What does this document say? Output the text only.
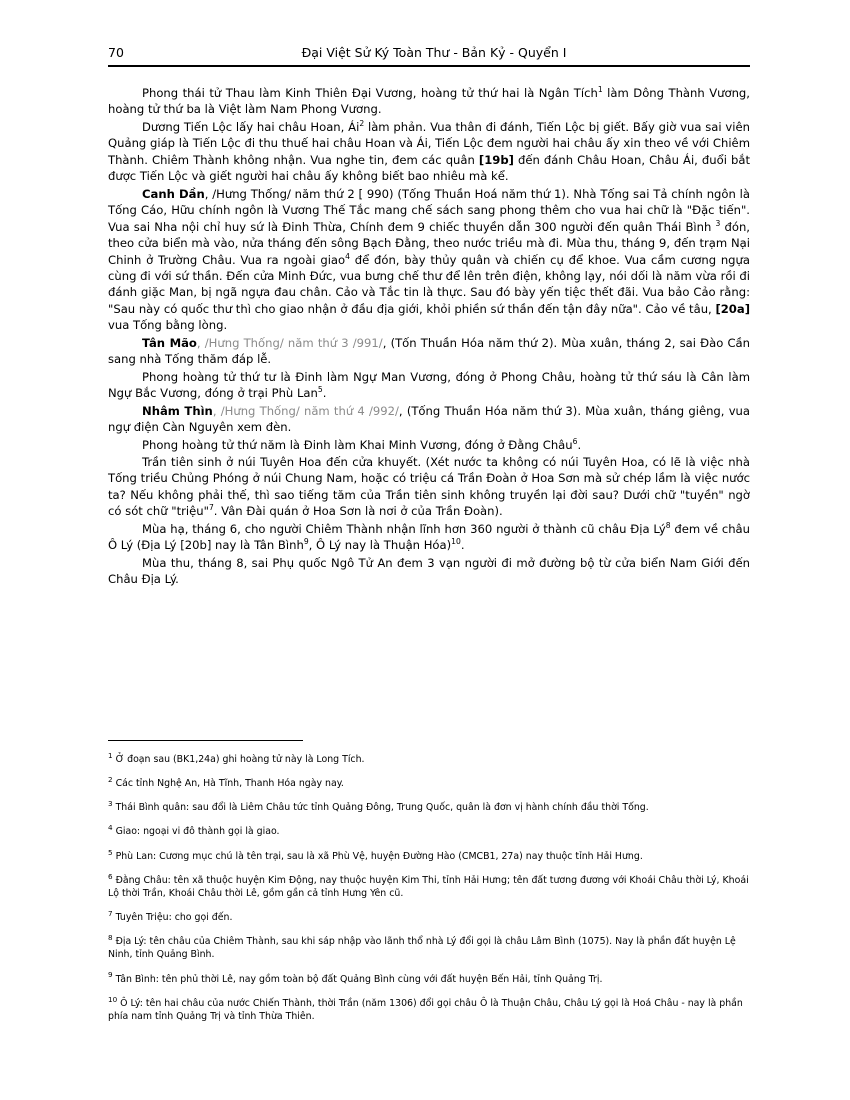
70	Đại Việt Sử Ký Toàn Thư - Bản Kỷ - Quyển I

Phong thái tử Thau làm Kinh Thiên Đại Vương, hoàng tử thứ hai là Ngân Tích$^1$ làm Dông Thành Vương, hoàng tử thứ ba là Việt làm Nam Phong Vương.

Dương Tiến Lộc lấy hai châu Hoan, $Ái^2$ làm phản. Vua thân đi đánh, Tiến Lộc bị giết. Bấy giờ vua sai viên Quảng giáp là Tiến Lộc đi thu thuế hai châu Hoan và Ái, Tiến Lộc đem người hai châu ấy xin theo về với Chiêm Thành. Chiêm Thành không nhận. Vua nghe tin, đem các quân [19b] đến đánh Châu Hoan, Châu Ái, đuổi bắt được Tiến Lộc và giết người hai châu ấy không biết bao nhiêu mà kể.

Canh Dần, /Hưng Thống/ năm thứ 2 [ 990) (Tống Thuần Hoá năm thứ 1). Nhà Tống sai Tả chính ngôn là Tống Cáo, Hữu chính ngôn là Vương Thế Tắc mang chế sách sang phong thêm cho vua hai chữ là "Đặc tiến". Vua sai Nha nội chỉ huy sứ là Đinh Thừa, Chính đem 9 chiếc thuyền dẫn 300 người đến quân Thái Bình $^3$ đón, theo cửa biển mà vào, nửa tháng đến sông Bạch Đằng, theo nước triều mà đi. Mùa thu, tháng 9, đến trạm Nại Chinh ở Trường Châu. Vua ra ngoài giao$^4$ để đón, bày thủy quân và chiến cụ để khoe. Vua cầm cương ngựa cùng đi với sứ thần. Đến cửa Minh Đức, vua bưng chế thư để lên trên điện, không lạy, nói dối là năm vừa rồi đi đánh giặc Man, bị ngã ngựa đau chân. Cảo và Tắc tin là thực. Sau đó bày yến tiệc thết đãi. Vua bảo Cảo rằng: "Sau này có quốc thư thì cho giao nhận ở đầu địa giới, khỏi phiền sứ thần đến tận đây nữa". Cảo về tâu, [20a] vua Tống bằng lòng.

Tân Mão, /Hưng Thống/ năm thứ 3 /991/, (Tốn Thuần Hóa năm thứ 2). Mùa xuân, tháng 2, sai Đào Cần sang nhà Tống thăm đáp lễ.

Phong hoàng tử thứ tư là Đinh làm Ngự Man Vương, đóng ở Phong Châu, hoàng tử thứ sáu là Cân làm Ngự Bắc Vương, đóng ở trại Phù Lan$^5$.

Nhâm Thìn, /Hưng Thống/ năm thứ 4 /992/, (Tống Thuần Hóa năm thứ 3). Mùa xuân, tháng giêng, vua ngự điện Càn Nguyên xem đèn.

Phong hoàng tử thứ năm là Đinh làm Khai Minh Vương, đóng ở Đằng Châu$^6$.

Trần tiên sinh ở núi Tuyên Hoa đến cửa khuyết. (Xét nước ta không có núi Tuyên Hoa, có lẽ là việc nhà Tống triều Chủng Phóng ở núi Chung Nam, hoặc có triệu cá Trần Đoàn ở Hoa Sơn mà sử chép lầm là việc nước ta? Nếu không phải thế, thì sao tiếng tăm của Trần tiên sinh không truyền lại đời sau? Dưới chữ "tuyền" ngờ có sót chữ "triệu"$^7$. Vân Đài quán ở Hoa Sơn là nơi ở của Trần Đoàn).

Mùa hạ, tháng 6, cho người Chiêm Thành nhận lĩnh hơn 360 người ở thành cũ châu Địa $Lý^8$ đem về châu Ô Lý (Địa Lý [20b] nay là Tân Bình$^9$, Ô Lý nay là Thuận Hóa)$^{10}$.

Mùa thu, tháng 8, sai Phụ quốc Ngô Tử An đem 3 vạn người đi mở đường bộ từ cửa biển Nam Giới đến Châu Địa Lý.

$^1$ Ở đoạn sau (BK1,24a) ghi hoàng tử này là Long Tích.
$^2$ Các tỉnh Nghệ An, Hà Tĩnh, Thanh Hóa ngày nay.
$^3$ Thái Bình quân: sau đổi là Liêm Châu tức tỉnh Quảng Đông, Trung Quốc, quân là đơn vị hành chính đầu thời Tống.
$^4$ Giao: ngoại vi đô thành gọi là giao.
$^5$ Phù Lan: Cương mục chú là tên trại, sau là xã Phù Vệ, huyện Đường Hào (CMCB1, 27a) nay thuộc tỉnh Hải Hưng.
$^6$ Đằng Châu: tên xã thuộc huyện Kim Động, nay thuộc huyện Kim Thi, tỉnh Hải Hưng; tên đất tương đương với Khoái Châu thời Lý, Khoái Lộ thời Trần, Khoái Châu thời Lê, gồm gần cả tỉnh Hưng Yên cũ.
$^7$ Tuyên Triệu: cho gọi đến.
$^8$ Địa Lý: tên châu của Chiêm Thành, sau khi sáp nhập vào lãnh thổ nhà Lý đổi gọi là châu Lâm Bình (1075). Nay là phần đất huyện Lệ Ninh, tỉnh Quảng Bình.
$^9$ Tân Bình: tên phủ thời Lê, nay gồm toàn bộ đất Quảng Bình cùng với đất huyện Bến Hải, tỉnh Quảng Trị.
$^{10}$ Ô Lý: tên hai châu của nước Chiến Thành, thời Trần (năm 1306) đổi gọi châu Ô là Thuận Châu, Châu Lý gọi là Hoá Châu - nay là phần phía nam tỉnh Quảng Trị và tỉnh Thừa Thiên.
